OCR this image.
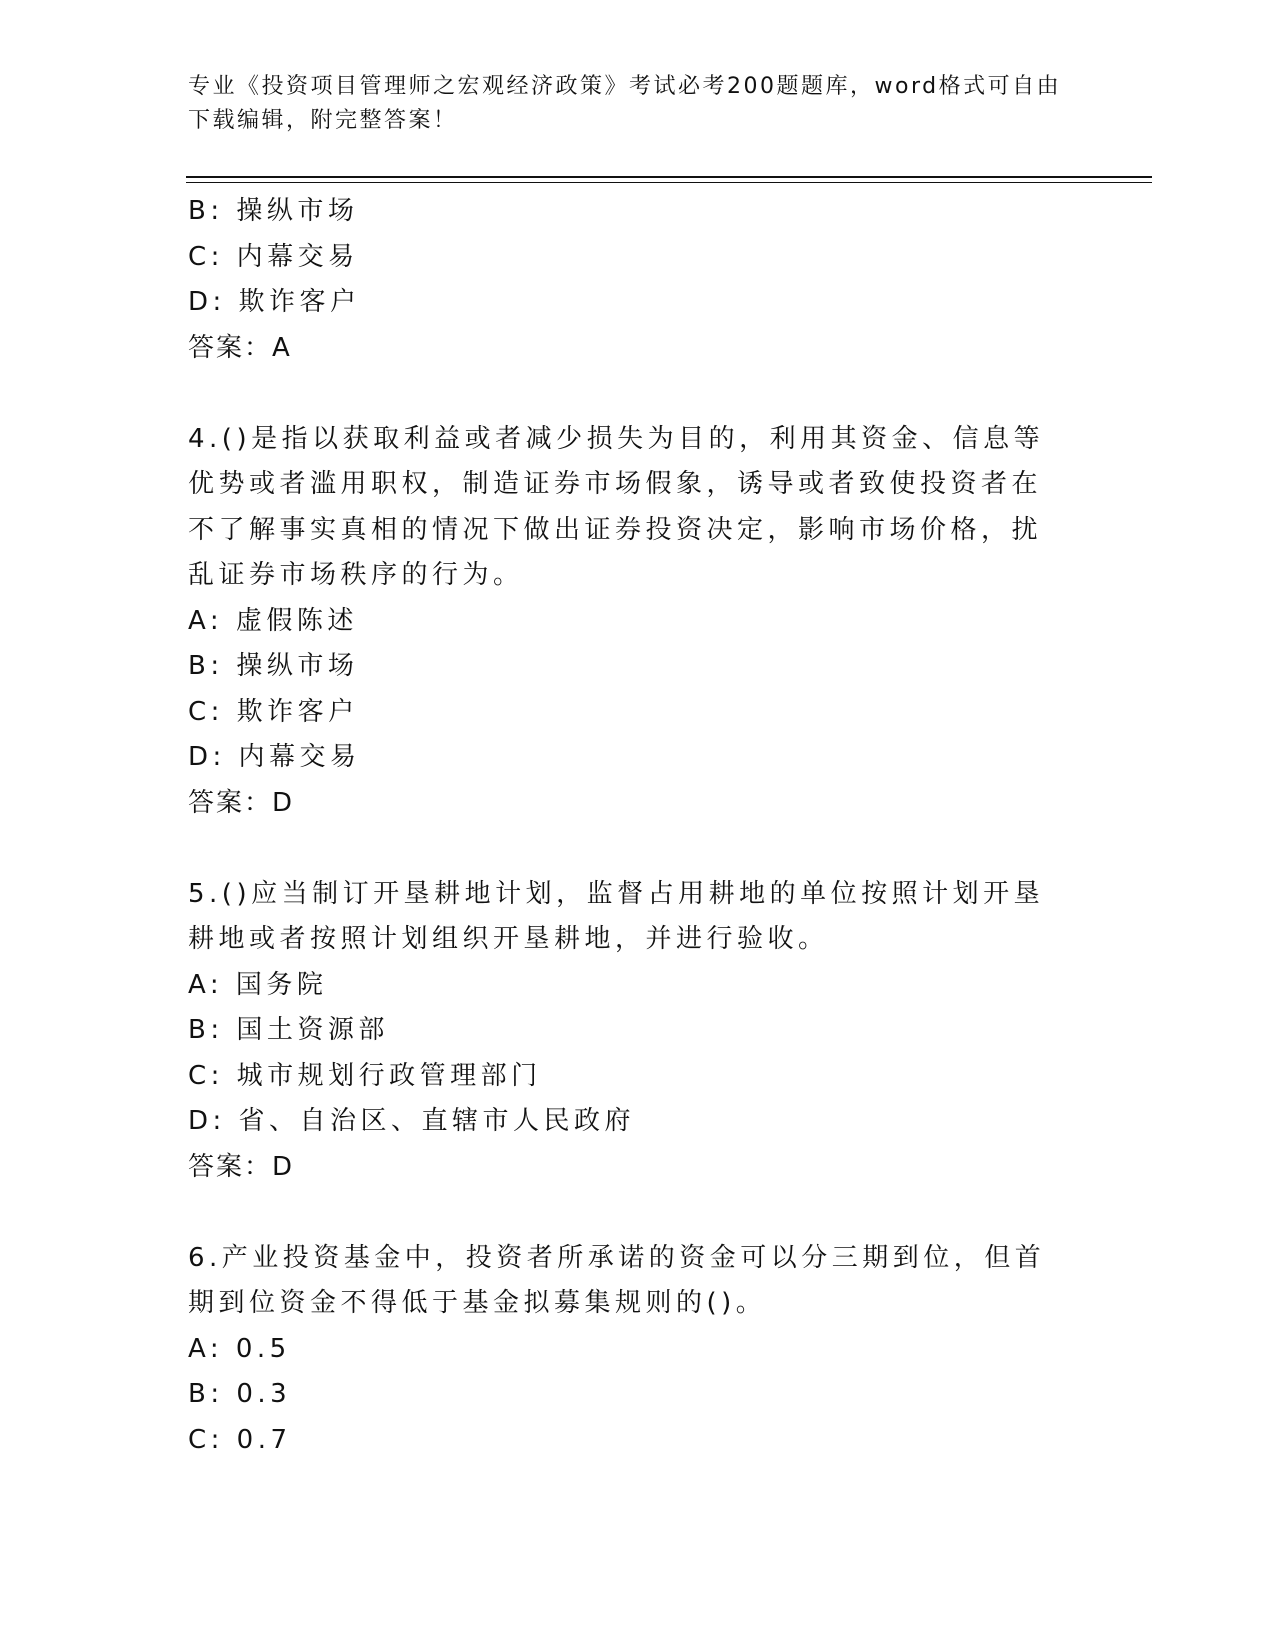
专业《投资项目管理师之宏观经济政策》考试必考200题题库，word格式可自由下载编辑，附完整答案！
B: 操纵市场
C: 内幕交易
D: 欺诈客户
答案：A
4.()是指以获取利益或者减少损失为目的，利用其资金、信息等优势或者滥用职权，制造证券市场假象，诱导或者致使投资者在不了解事实真相的情况下做出证券投资决定，影响市场价格，扰乱证券市场秩序的行为。
A: 虚假陈述
B: 操纵市场
C: 欺诈客户
D: 内幕交易
答案：D
5.()应当制订开垦耕地计划，监督占用耕地的单位按照计划开垦耕地或者按照计划组织开垦耕地，并进行验收。
A: 国务院
B: 国土资源部
C: 城市规划行政管理部门
D: 省、自治区、直辖市人民政府
答案：D
6.产业投资基金中，投资者所承诺的资金可以分三期到位，但首期到位资金不得低于基金拟募集规则的()。
A: 0.5
B: 0.3
C: 0.7
